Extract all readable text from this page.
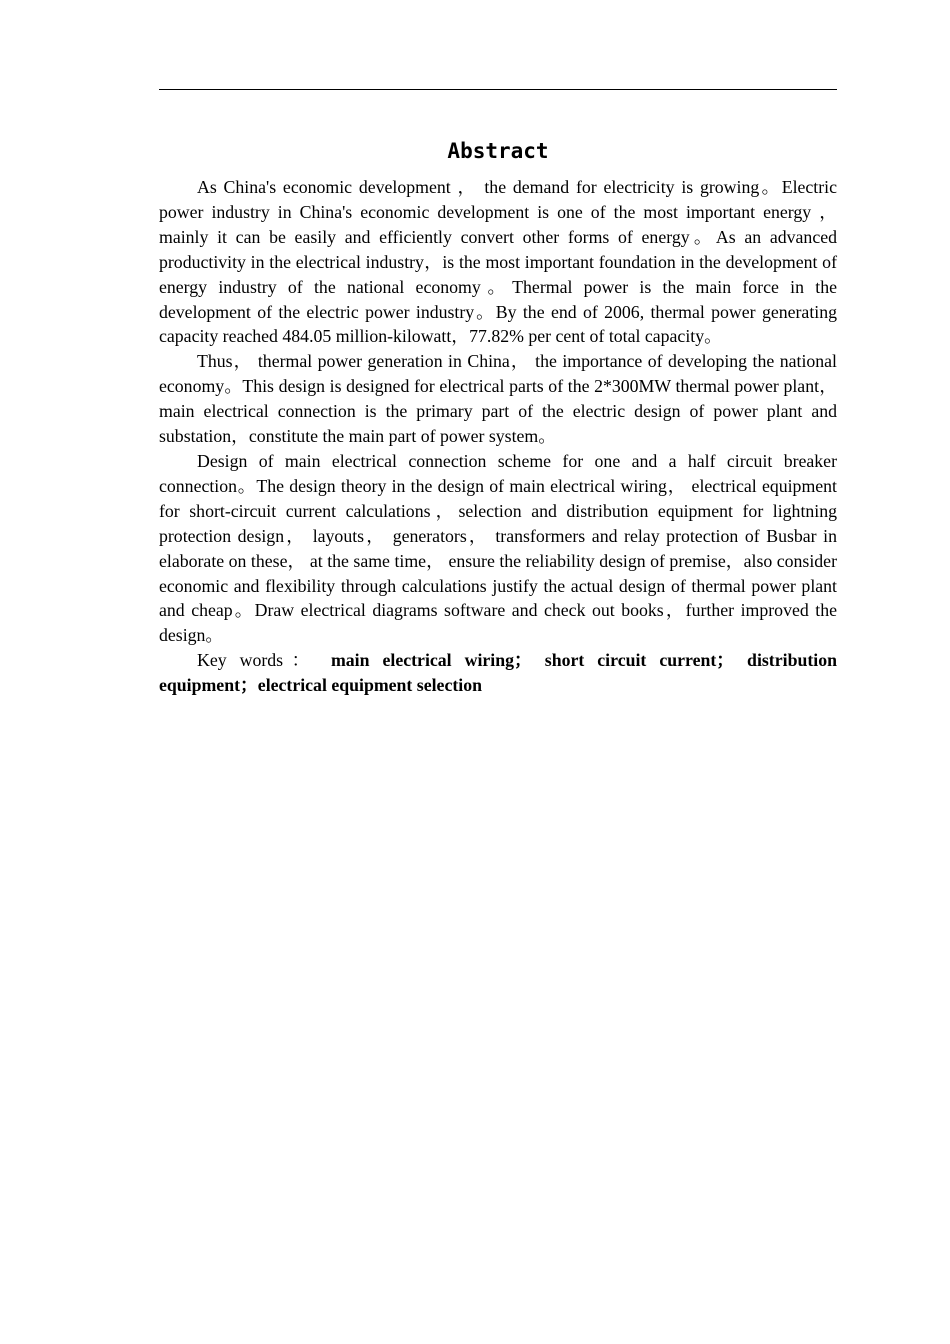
Abstract

As China's economic development ， the demand for electricity is growing。Electric power industry in China's economic development is one of the most important energy ， mainly it can be easily and efficiently convert other forms of energy。As an advanced productivity in the electrical industry，is the most important foundation in the development of energy industry of the national economy。Thermal power is the main force in the development of the electric power industry。By the end of 2006, thermal power generating capacity reached 484.05 million-kilowatt，77.82% per cent of total capacity。

Thus， thermal power generation in China， the importance of developing the national economy。This design is designed for electrical parts of the 2*300MW thermal power plant， main electrical connection is the primary part of the electric design of power plant and substation，constitute the main part of power system。

Design of main electrical connection scheme for one and a half circuit breaker connection。The design theory in the design of main electrical wiring， electrical equipment for short-circuit current calculations，selection and distribution equipment for lightning protection design， layouts， generators， transformers and relay protection of Busbar in elaborate on these， at the same time， ensure the reliability design of premise，also consider economic and flexibility through calculations justify the actual design of thermal power plant and cheap。Draw electrical diagrams software and check out books，further improved the design。

Key words： main electrical wiring； short circuit current； distribution equipment；electrical equipment selection
